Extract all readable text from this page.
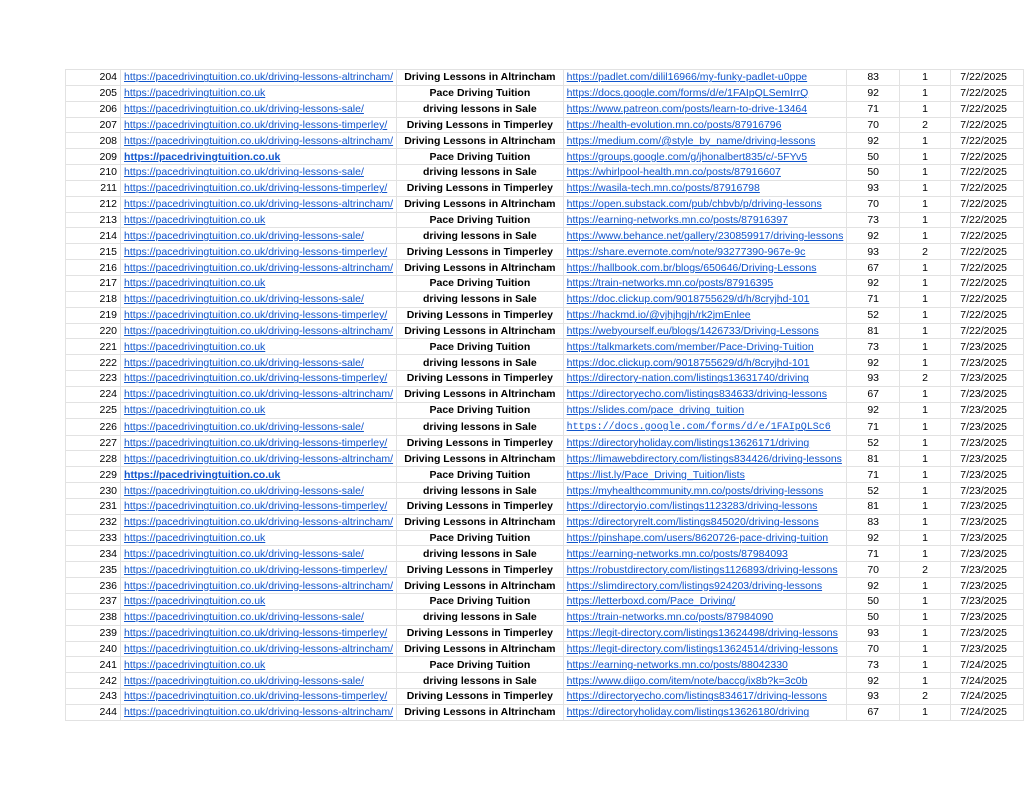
204	https://pacedrivingtuition.co.uk/driving-lessons-altrincham/	Driving Lessons in Altrincham	https://padlet.com/dilil16966/my-funky-padlet-u0ppe	83	1	7/22/2025
205	https://pacedrivingtuition.co.uk	Pace Driving Tuition	https://docs.google.com/forms/d/e/1FAIpQLSemIrrQ	92	1	7/22/2025
206	https://pacedrivingtuition.co.uk/driving-lessons-sale/	driving lessons in Sale	https://www.patreon.com/posts/learn-to-drive-13464	71	1	7/22/2025
207	https://pacedrivingtuition.co.uk/driving-lessons-timperley/	Driving Lessons in Timperley	https://health-evolution.mn.co/posts/87916796	70	2	7/22/2025
208	https://pacedrivingtuition.co.uk/driving-lessons-altrincham/	Driving Lessons in Altrincham	https://medium.com/@style_by_name/driving-lessons	92	1	7/22/2025
209	https://pacedrivingtuition.co.uk	Pace Driving Tuition	https://groups.google.com/g/jhonalbert835/c/-5FYv5	50	1	7/22/2025
210	https://pacedrivingtuition.co.uk/driving-lessons-sale/	driving lessons in Sale	https://whirlpool-health.mn.co/posts/87916607	50	1	7/22/2025
211	https://pacedrivingtuition.co.uk/driving-lessons-timperley/	Driving Lessons in Timperley	https://wasila-tech.mn.co/posts/87916798	93	1	7/22/2025
212	https://pacedrivingtuition.co.uk/driving-lessons-altrincham/	Driving Lessons in Altrincham	https://open.substack.com/pub/chbvb/p/driving-lessons	70	1	7/22/2025
213	https://pacedrivingtuition.co.uk	Pace Driving Tuition	https://earning-networks.mn.co/posts/87916397	73	1	7/22/2025
214	https://pacedrivingtuition.co.uk/driving-lessons-sale/	driving lessons in Sale	https://www.behance.net/gallery/230859917/driving-lessons	92	1	7/22/2025
215	https://pacedrivingtuition.co.uk/driving-lessons-timperley/	Driving Lessons in Timperley	https://share.evernote.com/note/93277390-967e-9c	93	2	7/22/2025
216	https://pacedrivingtuition.co.uk/driving-lessons-altrincham/	Driving Lessons in Altrincham	https://hallbook.com.br/blogs/650646/Driving-Lessons	67	1	7/22/2025
217	https://pacedrivingtuition.co.uk	Pace Driving Tuition	https://train-networks.mn.co/posts/87916395	92	1	7/22/2025
218	https://pacedrivingtuition.co.uk/driving-lessons-sale/	driving lessons in Sale	https://doc.clickup.com/9018755629/d/h/8cryjhd-101	71	1	7/22/2025
219	https://pacedrivingtuition.co.uk/driving-lessons-timperley/	Driving Lessons in Timperley	https://hackmd.io/@vjhjhgjh/rk2jmEnlee	52	1	7/22/2025
220	https://pacedrivingtuition.co.uk/driving-lessons-altrincham/	Driving Lessons in Altrincham	https://webyourself.eu/blogs/1426733/Driving-Lessons	81	1	7/22/2025
221	https://pacedrivingtuition.co.uk	Pace Driving Tuition	https://talkmarkets.com/member/Pace-Driving-Tuition	73	1	7/23/2025
222	https://pacedrivingtuition.co.uk/driving-lessons-sale/	driving lessons in Sale	https://doc.clickup.com/9018755629/d/h/8cryjhd-101	92	1	7/23/2025
223	https://pacedrivingtuition.co.uk/driving-lessons-timperley/	Driving Lessons in Timperley	https://directory-nation.com/listings13631740/driving	93	2	7/23/2025
224	https://pacedrivingtuition.co.uk/driving-lessons-altrincham/	Driving Lessons in Altrincham	https://directoryecho.com/listings834633/driving-lessons	67	1	7/23/2025
225	https://pacedrivingtuition.co.uk	Pace Driving Tuition	https://slides.com/pace_driving_tuition	92	1	7/23/2025
226	https://pacedrivingtuition.co.uk/driving-lessons-sale/	driving lessons in Sale	https://docs.google.com/forms/d/e/1FAIpQLSc6	71	1	7/23/2025
227	https://pacedrivingtuition.co.uk/driving-lessons-timperley/	Driving Lessons in Timperley	https://directoryholiday.com/listings13626171/driving	52	1	7/23/2025
228	https://pacedrivingtuition.co.uk/driving-lessons-altrincham/	Driving Lessons in Altrincham	https://limawebdirectory.com/listings834426/driving-lessons	81	1	7/23/2025
229	https://pacedrivingtuition.co.uk	Pace Driving Tuition	https://list.ly/Pace_Driving_Tuition/lists	71	1	7/23/2025
230	https://pacedrivingtuition.co.uk/driving-lessons-sale/	driving lessons in Sale	https://myhealthcommunity.mn.co/posts/driving-lessons	52	1	7/23/2025
231	https://pacedrivingtuition.co.uk/driving-lessons-timperley/	Driving Lessons in Timperley	https://directoryio.com/listings1123283/driving-lessons	81	1	7/23/2025
232	https://pacedrivingtuition.co.uk/driving-lessons-altrincham/	Driving Lessons in Altrincham	https://directoryrelt.com/listings845020/driving-lessons	83	1	7/23/2025
233	https://pacedrivingtuition.co.uk	Pace Driving Tuition	https://pinshape.com/users/8620726-pace-driving-tuition	92	1	7/23/2025
234	https://pacedrivingtuition.co.uk/driving-lessons-sale/	driving lessons in Sale	https://earning-networks.mn.co/posts/87984093	71	1	7/23/2025
235	https://pacedrivingtuition.co.uk/driving-lessons-timperley/	Driving Lessons in Timperley	https://robustdirectory.com/listings1126893/driving-lessons	70	2	7/23/2025
236	https://pacedrivingtuition.co.uk/driving-lessons-altrincham/	Driving Lessons in Altrincham	https://slimdirectory.com/listings924203/driving-lessons	92	1	7/23/2025
237	https://pacedrivingtuition.co.uk	Pace Driving Tuition	https://letterboxd.com/Pace_Driving/	50	1	7/23/2025
238	https://pacedrivingtuition.co.uk/driving-lessons-sale/	driving lessons in Sale	https://train-networks.mn.co/posts/87984090	50	1	7/23/2025
239	https://pacedrivingtuition.co.uk/driving-lessons-timperley/	Driving Lessons in Timperley	https://legit-directory.com/listings13624498/driving-lessons	93	1	7/23/2025
240	https://pacedrivingtuition.co.uk/driving-lessons-altrincham/	Driving Lessons in Altrincham	https://legit-directory.com/listings13624514/driving-lessons	70	1	7/23/2025
241	https://pacedrivingtuition.co.uk	Pace Driving Tuition	https://earning-networks.mn.co/posts/88042330	73	1	7/24/2025
242	https://pacedrivingtuition.co.uk/driving-lessons-sale/	driving lessons in Sale	https://www.diigo.com/item/note/baccg/ix8b?k=3c0b	92	1	7/24/2025
243	https://pacedrivingtuition.co.uk/driving-lessons-timperley/	Driving Lessons in Timperley	https://directoryecho.com/listings834617/driving-lessons	93	2	7/24/2025
244	https://pacedrivingtuition.co.uk/driving-lessons-altrincham/	Driving Lessons in Altrincham	https://directoryholiday.com/listings13626180/driving	67	1	7/24/2025
